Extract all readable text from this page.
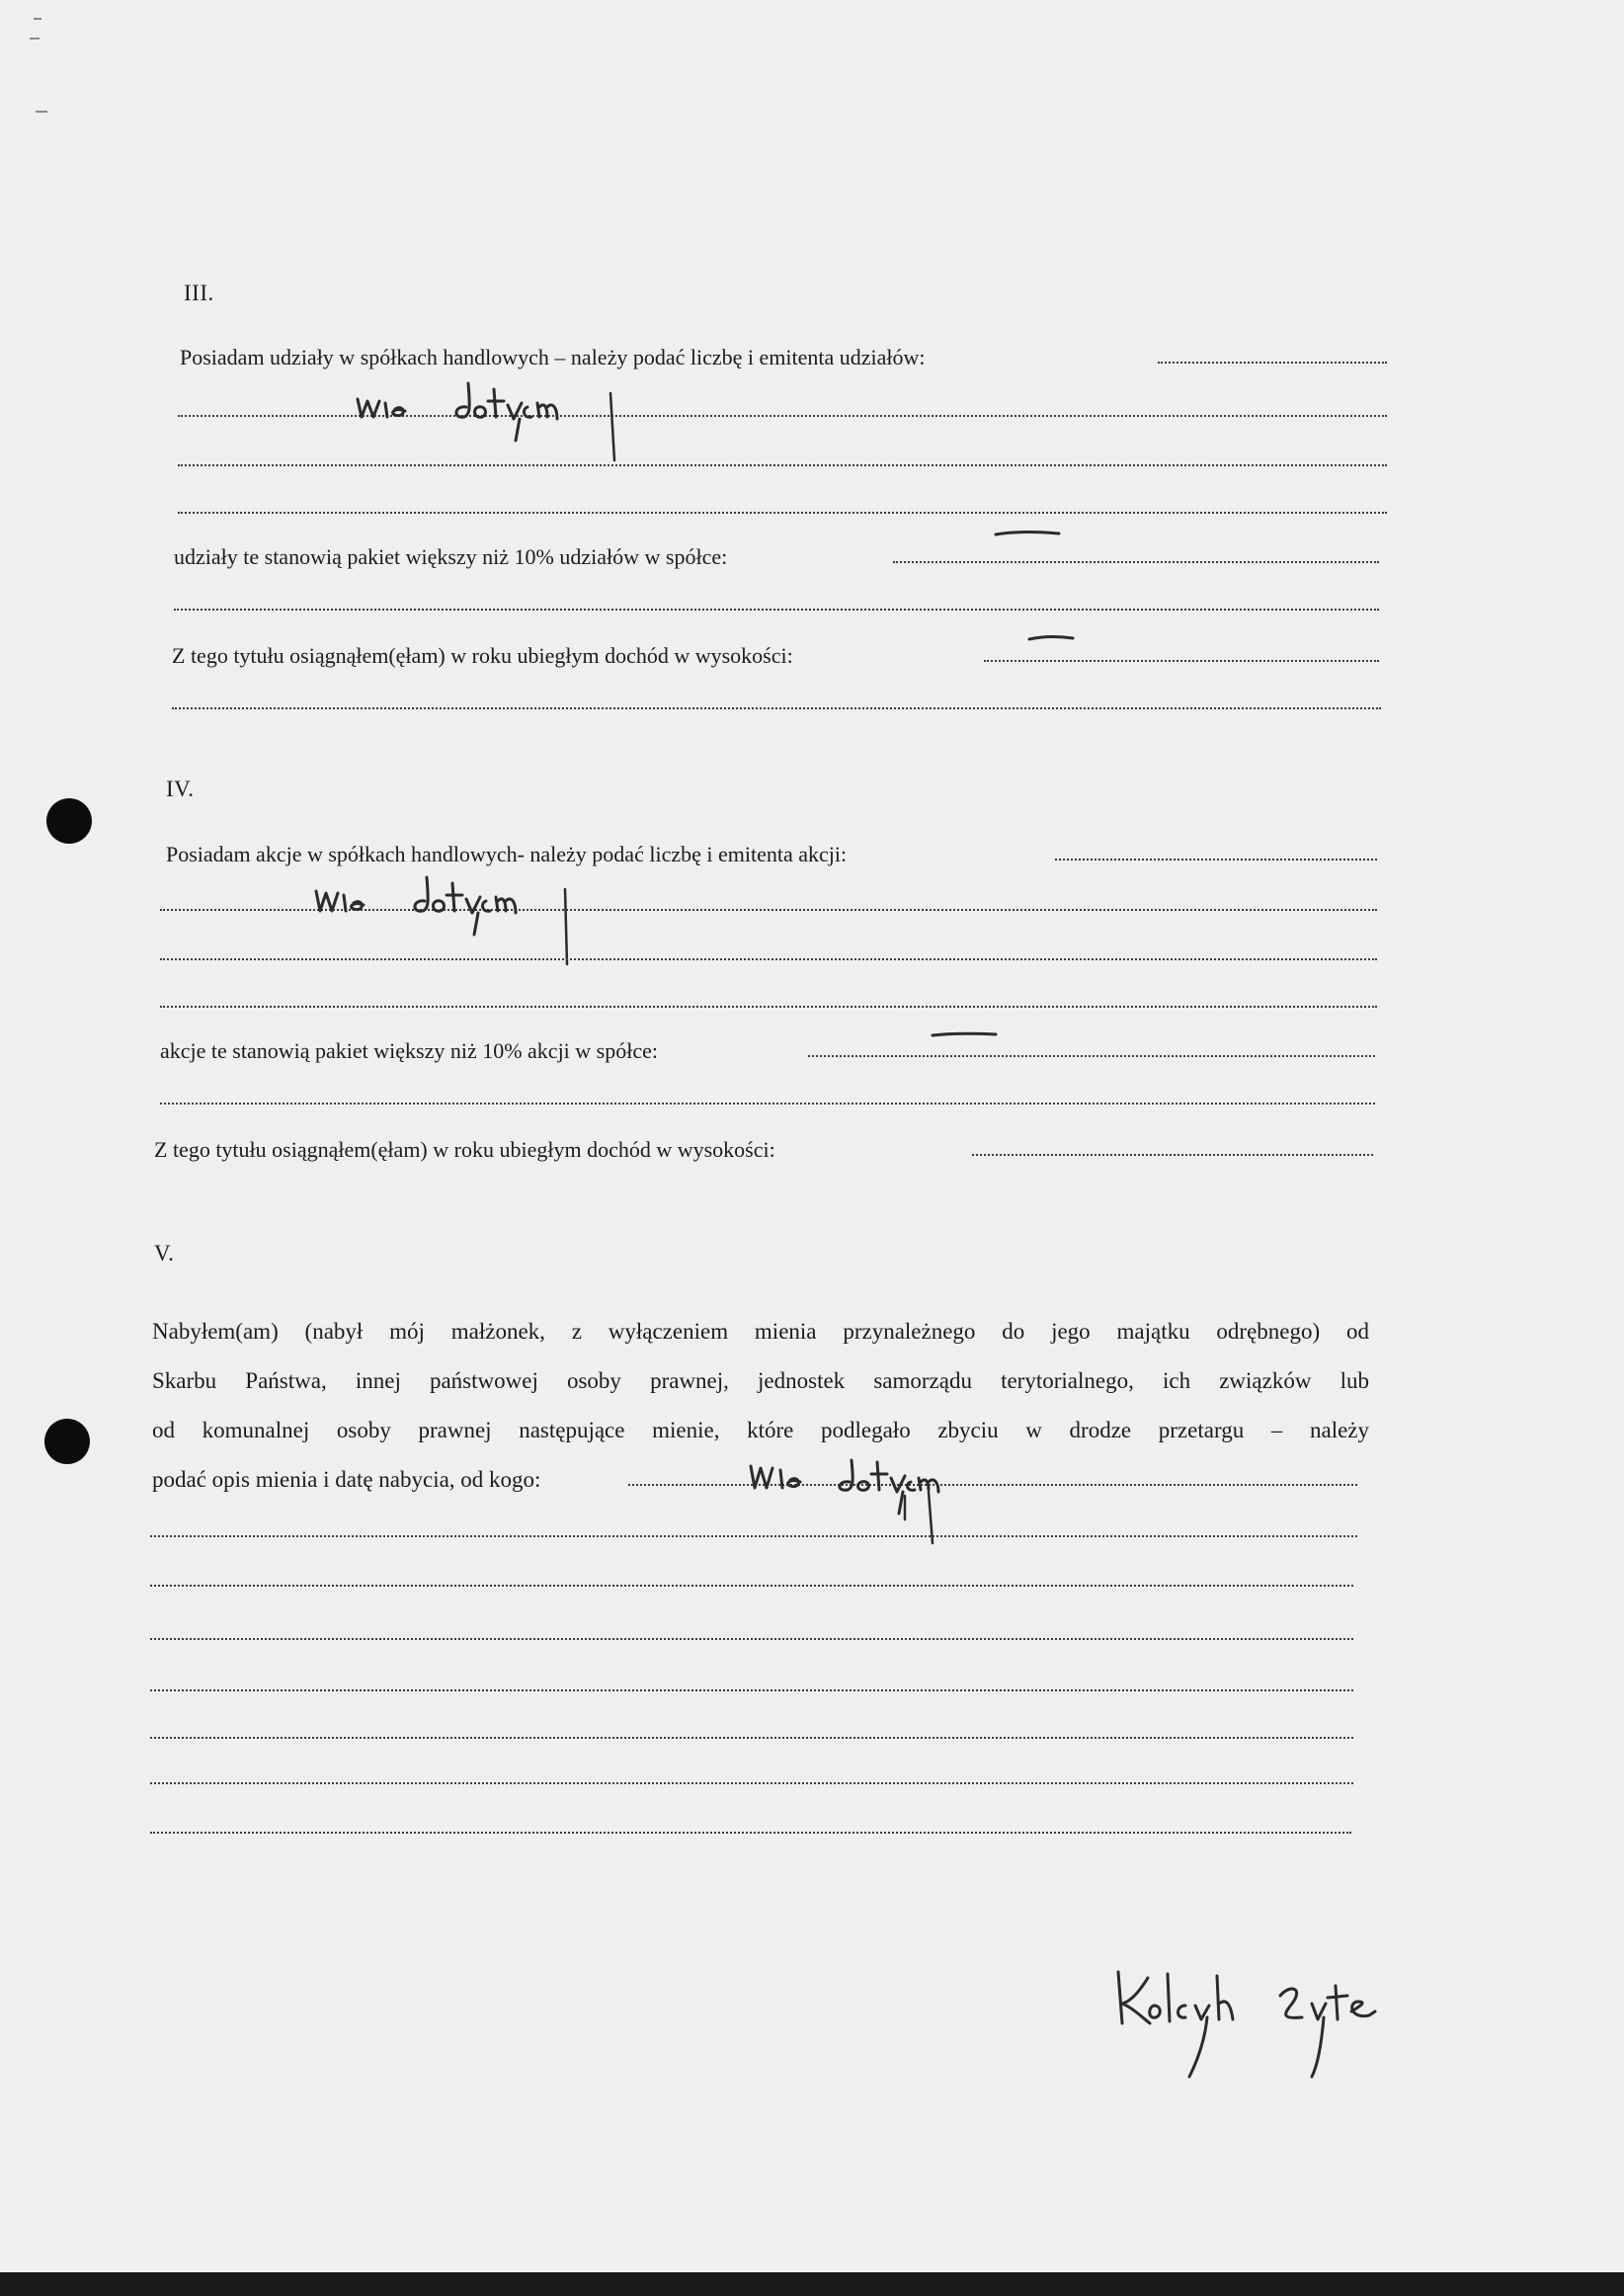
III.
Posiadam udziały w spółkach handlowych – należy podać liczbę i emitenta udziałów:
udziały te stanowią pakiet większy niż 10% udziałów w spółce:
Z tego tytułu osiągnąłem(ęłam) w roku ubiegłym dochód w wysokości:
IV.
Posiadam akcje w spółkach handlowych- należy podać liczbę i emitenta akcji:
akcje te stanowią pakiet większy niż 10% akcji w spółce:
Z tego tytułu osiągnąłem(ęłam) w roku ubiegłym dochód w wysokości:
V.
Nabyłem(am) (nabył mój małżonek, z wyłączeniem mienia przynależnego do jego majątku odrębnego) od
Skarbu Państwa, innej państwowej osoby prawnej, jednostek samorządu terytorialnego, ich związków lub
od komunalnej osoby prawnej następujące mienie, które podlegało zbyciu w drodze przetargu – należy
podać opis mienia i datę nabycia, od kogo:
